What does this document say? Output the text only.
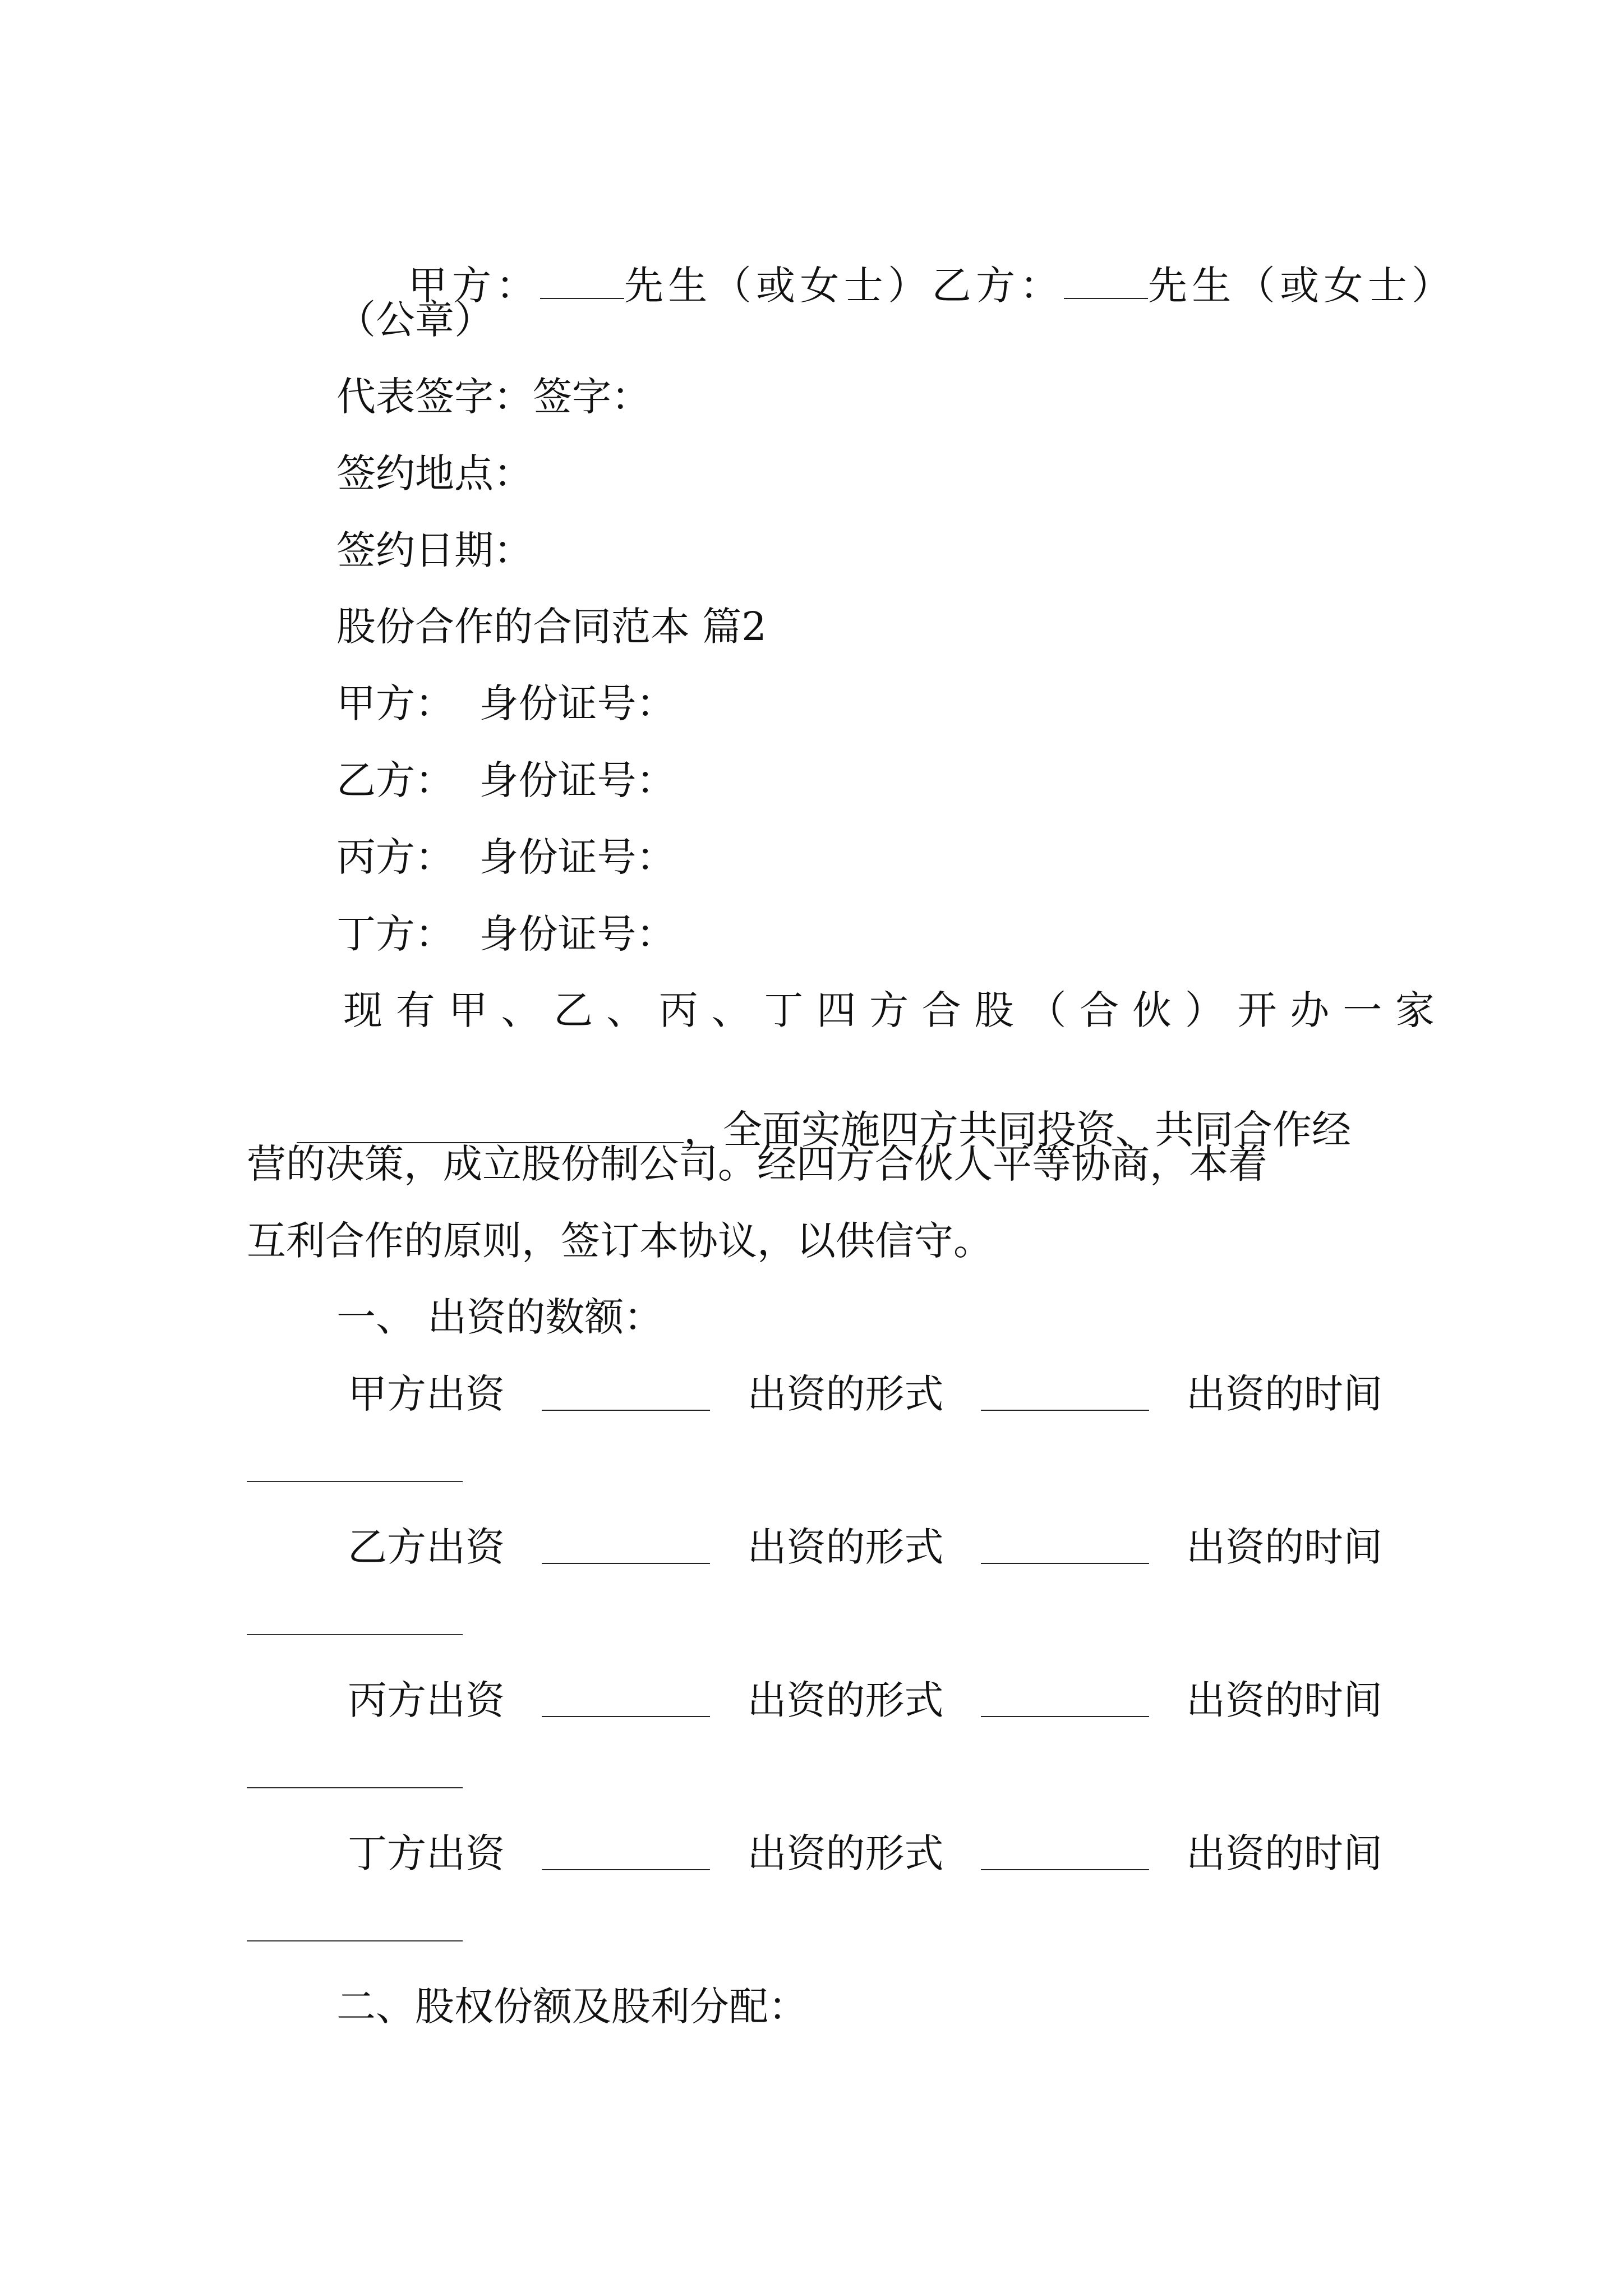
甲方： 先生（或女士）乙方： 先生（或女士）

（公章）
代表签字：签字：
签约地点：
签约日期：
股份合作的合同范本 篇2
甲方：  身份证号：
乙方：  身份证号：
丙方：  身份证号：
丁方：  身份证号：
现有甲、乙、丙、丁四方合股（合伙）开办一家

，全面实施四方共同投资、共同合作经

营的决策，成立股份制公司。经四方合伙人平等协商，本着
互利合作的原则，签订本协议，以供信守。
一、 出资的数额：
甲方出资	出资的形式	出资的时间
乙方出资	出资的形式	出资的时间
丙方出资	出资的形式	出资的时间
丁方出资	出资的形式	出资的时间
二、股权份额及股利分配：
